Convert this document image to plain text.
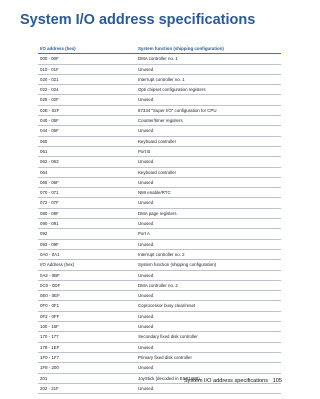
System I/O address specifications
I/O address (hex)	System function (shipping configuration)
000 - 00F	DMA controller no. 1
010 - 01F	Unused
020 - 021	Interrupt controller no. 1
022 - 024	Opti chipset configuration registers
025 - 02F	Unused
02E - 02F	87334 "Super I/O" configuration for CPU
040 - 05F	Counter/timer registers
044 - 05F	Unused
060	Keyboard controller
061	Port B
062 - 063	Unused
064	Keyboard controller
065 - 06F	Unused
070 - 071	NMI enable/RTC
072 - 07F	Unused
080 - 08F	DMA page registers
090 - 091	Unused
092	Port A
093 - 09F	Unused
0A0 - 0A1	Interrupt controller no. 2
I/O Address (hex)	System function (shipping configuration)
0A2 - 0BF	Unused
0C0 - 0DF	DMA controller no. 2
0E0 - 0EF	Unused
0F0 - 0F1	Coprocessor busy clear/reset
0F2 - 0FF	Unused
100 - 16F	Unused
170 - 177	Secondary fixed disk controller
178 - 1EF	Unused
1F0 - 1F7	Primary fixed disk controller
1F8 - 200	Unused
201	JoyStick (decoded in ESS1688)
202 - 21F	Unused
System I/O address specifications 105
